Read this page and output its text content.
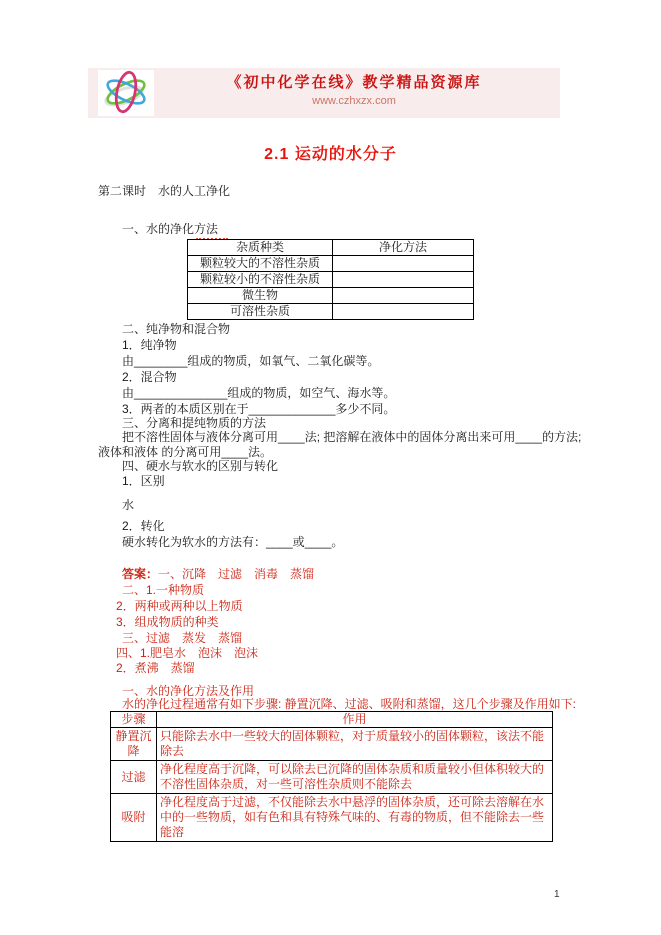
《初中化学在线》教学精品资源库
www.czhxzx.com
2.1 运动的水分子
第二课时　水的人工净化
一、水的净化方法
杂质种类	净化方法
颗粒较大的不溶性杂质	
颗粒较小的不溶性杂质	
微生物	
可溶性杂质	
二、纯净物和混合物
1．纯净物
由________组成的物质，如氧气、二氧化碳等。
2．混合物
由______________组成的物质，如空气、海水等。
3．两者的本质区别在于_____________多少不同。
三、分离和提纯物质的方法
把不溶性固体与液体分离可用____法; 把溶解在液体中的固体分离出来可用____的方法;
液体和液体 的分离可用____法。
四、硬水与软水的区别与转化
1．区别
水
2．转化
硬水转化为软水的方法有：____或____。
答案：一、沉降　过滤　消毒　蒸馏
二、1.一种物质
2．两种或两种以上物质
3．组成物质的种类
三、过滤　蒸发　蒸馏
四、1.肥皂水　泡沫　泡沫
2．煮沸　蒸馏
一、水的净化方法及作用
水的净化过程通常有如下步骤: 静置沉降、过滤、吸附和蒸馏，这几个步骤及作用如下:
步骤	作用
静置沉降	只能除去水中一些较大的固体颗粒，对于质量较小的固体颗粒，该法不能除去
过滤	净化程度高于沉降，可以除去已沉降的固体杂质和质量较小但体积较大的不溶性固体杂质，对一些可溶性杂质则不能除去
吸附	净化程度高于过滤，不仅能除去水中悬浮的固体杂质，还可除去溶解在水中的一些物质，如有色和具有特殊气味的、有毒的物质，但不能除去一些能溶
1
